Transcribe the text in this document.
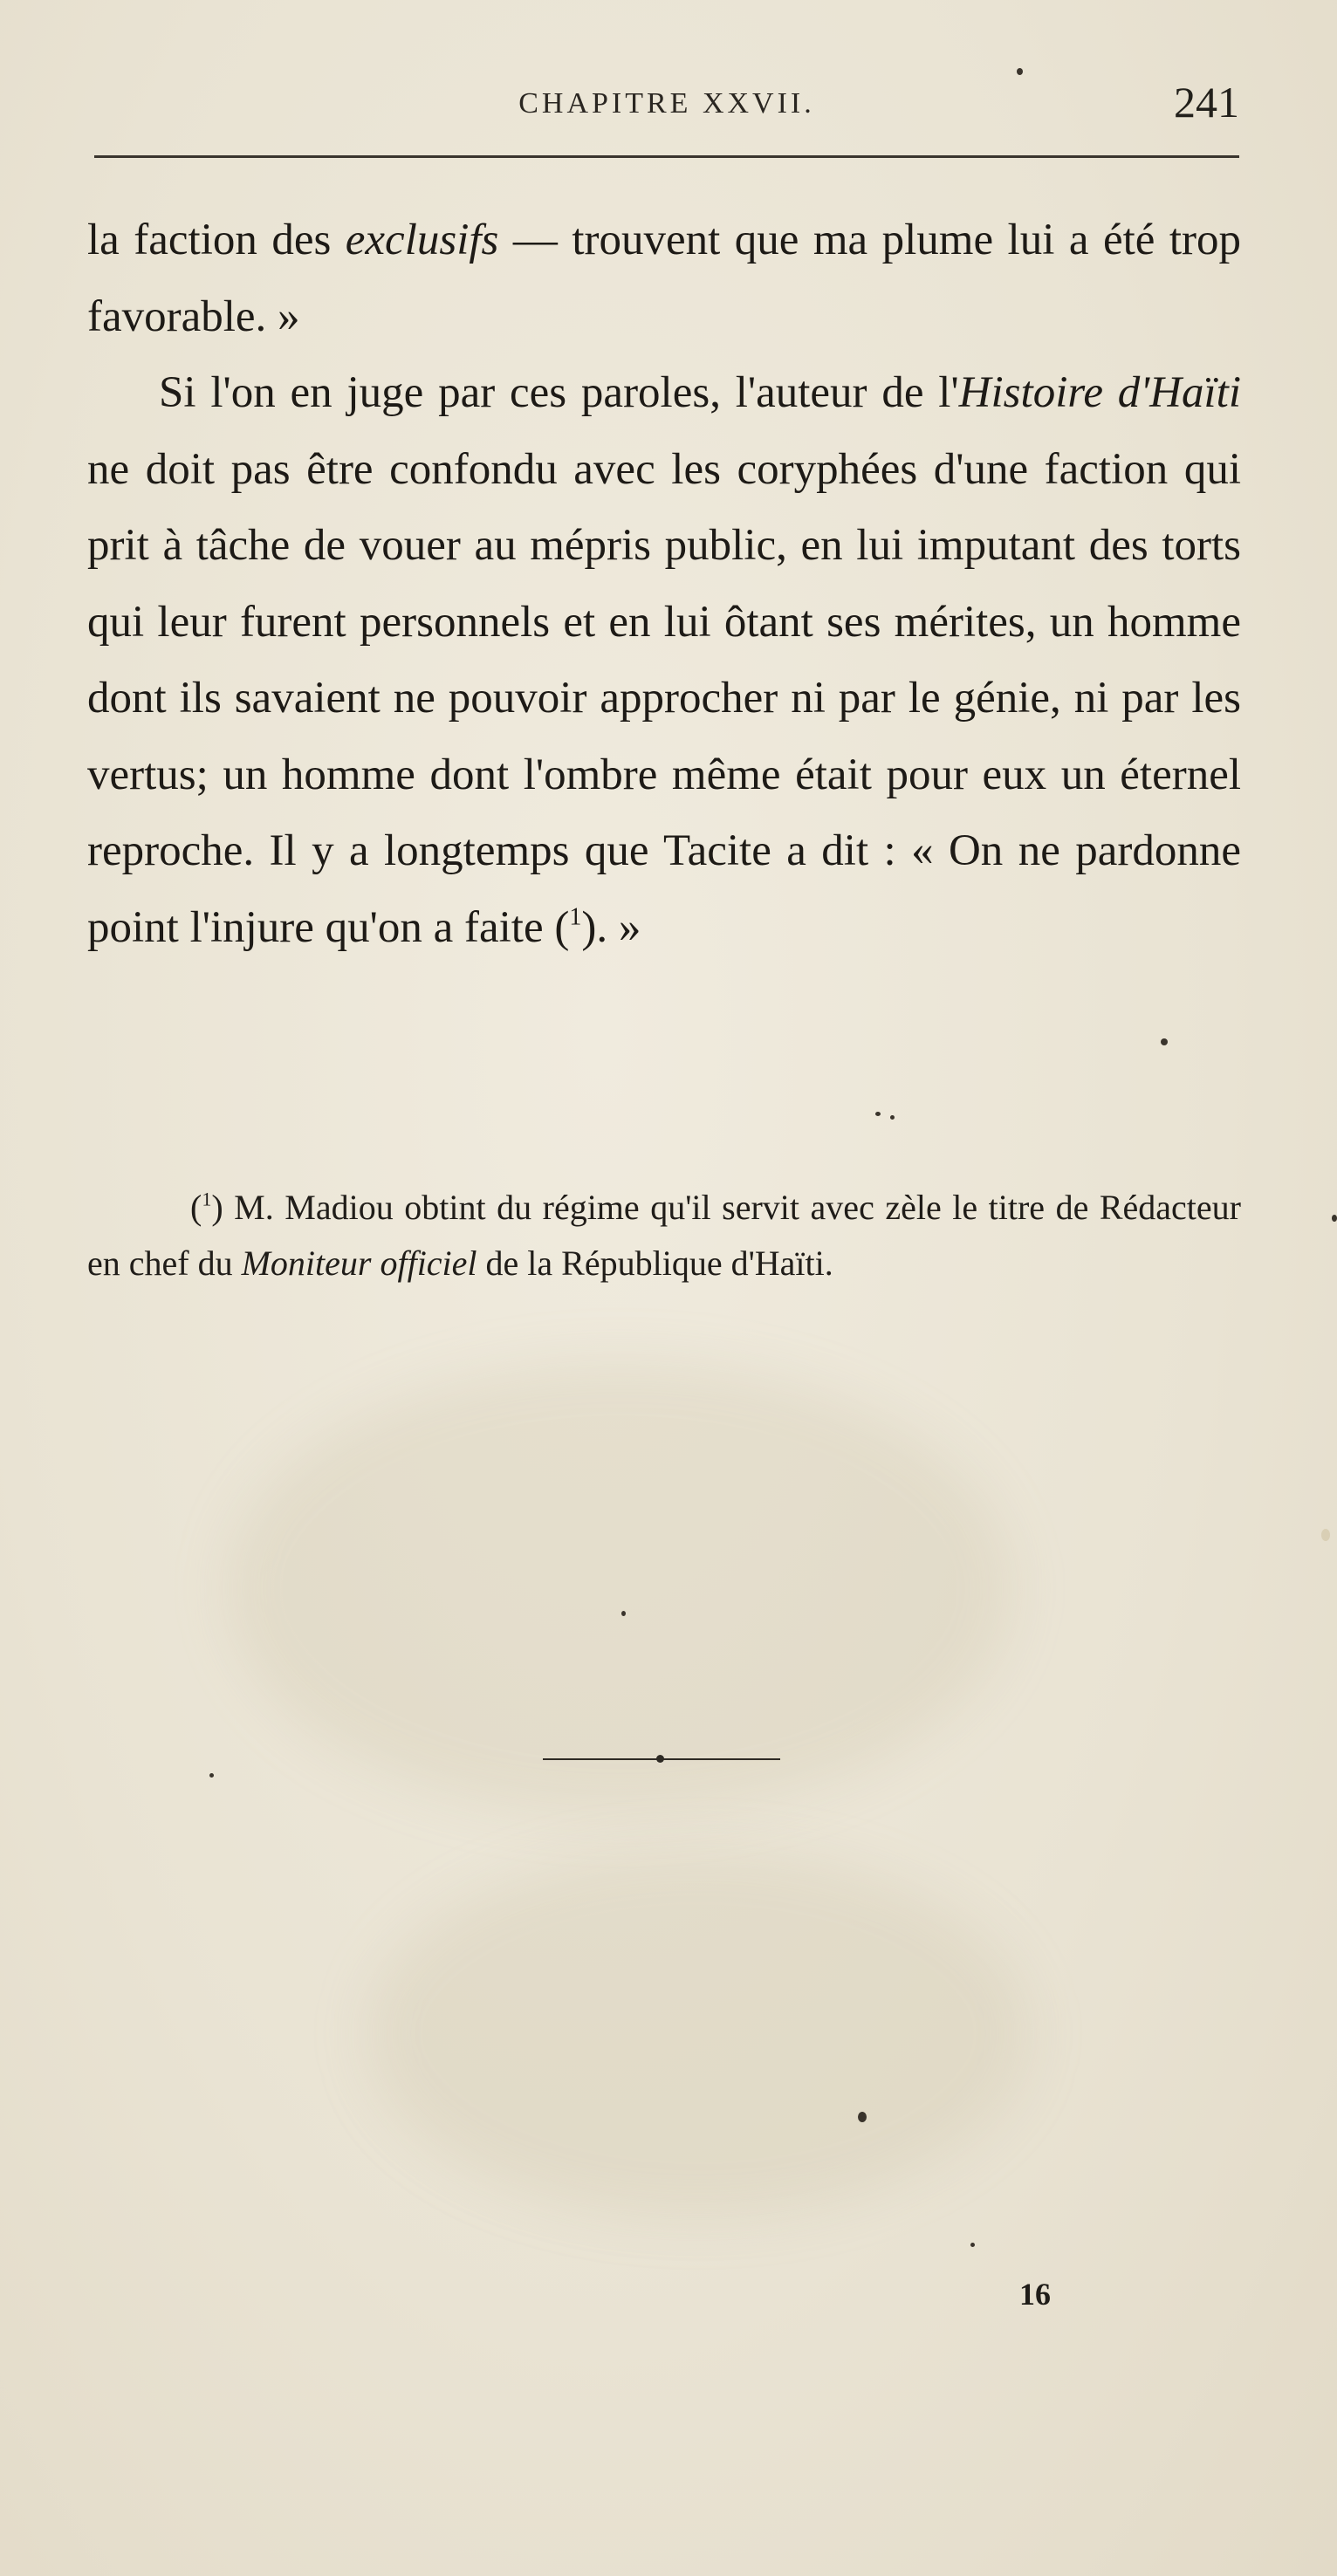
CHAPITRE XXVII.	241

la faction des exclusifs — trouvent que ma plume lui a été trop favorable. »

Si l'on en juge par ces paroles, l'auteur de l'Histoire d'Haïti ne doit pas être confondu avec les coryphées d'une faction qui prit à tâche de vouer au mépris public, en lui imputant des torts qui leur furent personnels et en lui ôtant ses mérites, un homme dont ils savaient ne pouvoir approcher ni par le génie, ni par les vertus; un homme dont l'ombre même était pour eux un éternel reproche. Il y a longtemps que Tacite a dit : « On ne pardonne point l'injure qu'on a faite ($^1$). »

($^1$) M. Madiou obtint du régime qu'il servit avec zèle le titre de Rédacteur en chef du Moniteur officiel de la République d'Haïti.

16
